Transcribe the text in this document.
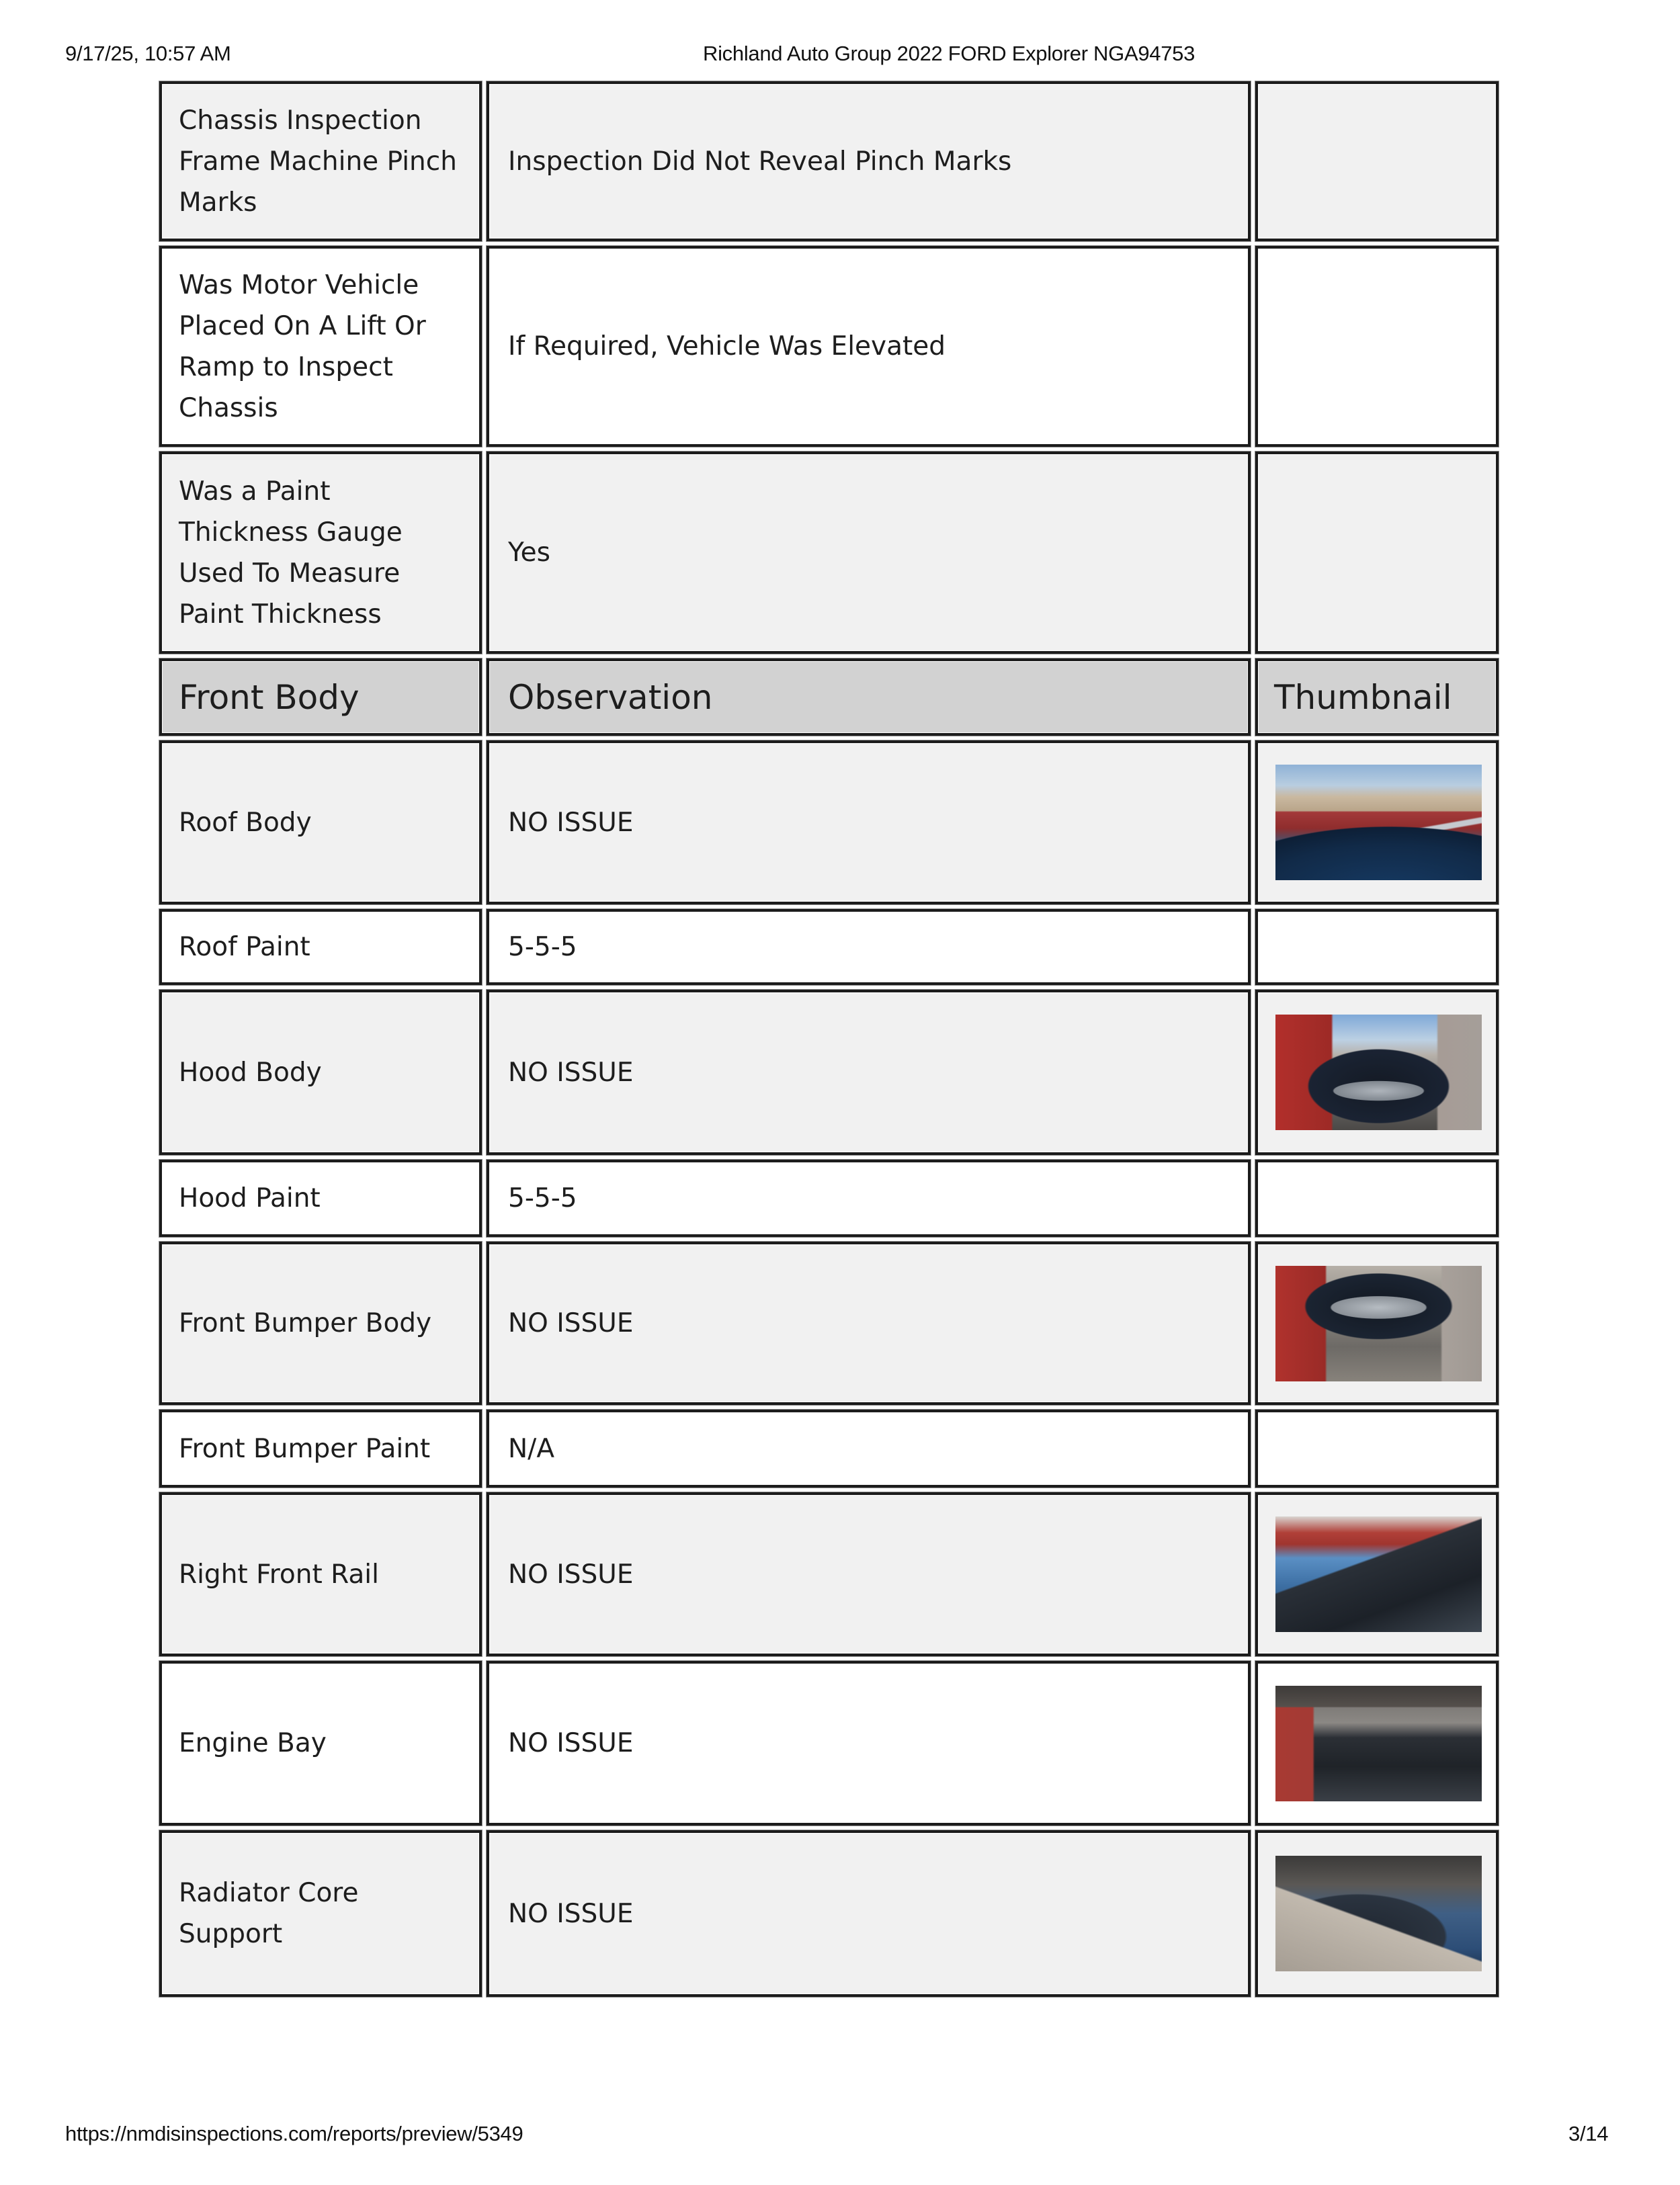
9/17/25, 10:57 AM	Richland Auto Group 2022 FORD Explorer NGA94753
Chassis Inspection Frame Machine Pinch Marks	Inspection Did Not Reveal Pinch Marks	
Was Motor Vehicle Placed On A Lift Or Ramp to Inspect Chassis	If Required, Vehicle Was Elevated	
Was a Paint Thickness Gauge Used To Measure Paint Thickness	Yes	
Front Body	Observation	Thumbnail
Roof Body	NO ISSUE	

Roof Paint	5-5-5	
Hood Body	NO ISSUE	

Hood Paint	5-5-5	
Front Bumper Body	NO ISSUE	

Front Bumper Paint	N/A	
Right Front Rail	NO ISSUE	

Engine Bay	NO ISSUE	

Radiator Core Support	NO ISSUE	
https://nmdisinspections.com/reports/preview/5349	3/14
